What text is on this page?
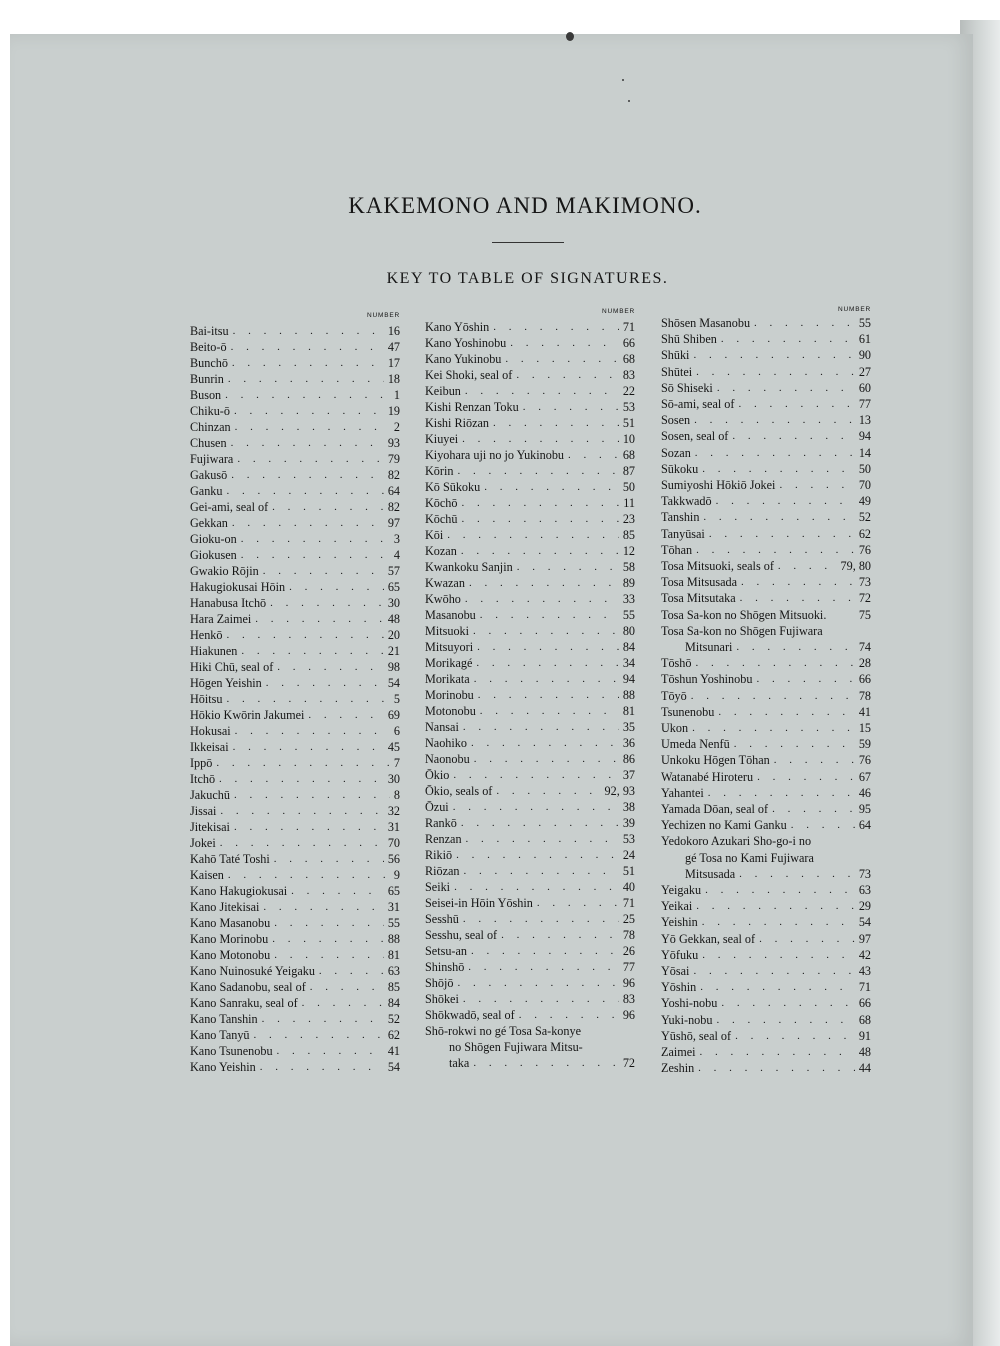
KAKEMONO AND MAKIMONO.
KEY TO TABLE OF SIGNATURES.
NUMBER
Bai-itsu . . .	16
Beito-ō . . .	47
Bunchō . . .	17
Bunrin . . .	18
Buson . . .	1
Chiku-ō . . .	19
Chinzan . . .	2
Chusen . . .	93
Fujiwara . . .	79
Gakusō . . .	82
Ganku . . .	64
Gei-ami, seal of . . .	82
Gekkan . . .	97
Gioku-on . . .	3
Giokusen . . .	4
Gwakio Rōjin . . .	57
Hakugiokusai Hōin . . .	65
Hanabusa Itchō . . .	30
Hara Zaimei . . .	48
Henkō . . .	20
Hiakunen . . .	21
Hiki Chū, seal of . . .	98
Hōgen Yeishin . . .	54
Hōitsu . . .	5
Hōkio Kwōrin Jakumei . . .	69
Hokusai . . .	6
Ikkeisai . . .	45
Ippō . . .	7
Itchō . . .	30
Jakuchū . . .	8
Jissai . . .	32
Jitekisai . . .	31
Jokei . . .	70
Kahō Taté Toshi . . .	56
Kaisen . . .	9
Kano Hakugiokusai . . .	65
Kano Jitekisai . . .	31
Kano Masanobu . . .	55
Kano Morinobu . . .	88
Kano Motonobu . . .	81
Kano Nuinosuké Yeigaku . . .	63
Kano Sadanobu, seal of . . .	85
Kano Sanraku, seal of . . .	84
Kano Tanshin . . .	52
Kano Tanyū . . .	62
Kano Tsunenobu . . .	41
Kano Yeishin . . .	54
NUMBER
Kano Yōshin . . .	71
Kano Yoshinobu . . .	66
Kano Yukinobu . . .	68
Kei Shoki, seal of . . .	83
Keibun . . .	22
Kishi Renzan Toku . . .	53
Kishi Riōzan . . .	51
Kiuyei . . .	10
Kiyohara uji no jo Yukinobu . . .	68
Kōrin . . .	87
Kō Sūkoku . . .	50
Kōchō . . .	11
Kōchū . . .	23
Kōi . . .	85
Kozan . . .	12
Kwankoku Sanjin . . .	58
Kwazan . . .	89
Kwōho . . .	33
Masanobu . . .	55
Mitsuoki . . .	80
Mitsuyori . . .	84
Morikagé . . .	34
Morikata . . .	94
Morinobu . . .	88
Motonobu . . .	81
Nansai . . .	35
Naohiko . . .	36
Naonobu . . .	86
Ōkio . . .	37
Ōkio, seals of . . .	92, 93
Ōzui . . .	38
Rankō . . .	39
Renzan . . .	53
Rikiō . . .	24
Riōzan . . .	51
Seiki . . .	40
Seisei-in Hōin Yōshin . . .	71
Sesshū . . .	25
Sesshu, seal of . . .	78
Setsu-an . . .	26
Shinshō . . .	77
Shōjō . . .	96
Shōkei . . .	83
Shōkwadō, seal of . . .	96
Shō-rokwi no gé Tosa Sa-konye
no Shōgen Fujiwara Mitsu-
taka . . .	72
NUMBER
Shōsen Masanobu . . .	55
Shū Shiben . . .	61
Shūki . . .	90
Shūtei . . .	27
Sō Shiseki . . .	60
Sō-ami, seal of . . .	77
Sosen . . .	13
Sosen, seal of . . .	94
Sozan . . .	14
Sūkoku . . .	50
Sumiyoshi Hōkiō Jokei . . .	70
Takkwadō . . .	49
Tanshin . . .	52
Tanyūsai . . .	62
Tōhan . . .	76
Tosa Mitsuoki, seals of . . .	79, 80
Tosa Mitsusada . . .	73
Tosa Mitsutaka . . .	72
Tosa Sa-kon no Shōgen Mitsuoki.	75
Tosa Sa-kon no Shōgen Fujiwara
Mitsunari . . .	74
Tōshō . . .	28
Tōshun Yoshinobu . . .	66
Tōyō . . .	78
Tsunenobu . . .	41
Ukon . . .	15
Umeda Nenfū . . .	59
Unkoku Hōgen Tōhan . . .	76
Watanabé Hiroteru . . .	67
Yahantei . . .	46
Yamada Dōan, seal of . . .	95
Yechizen no Kami Ganku . . .	64
Yedokoro Azukari Sho-go-i no
gé Tosa no Kami Fujiwara
Mitsusada . . .	73
Yeigaku . . .	63
Yeikai . . .	29
Yeishin . . .	54
Yō Gekkan, seal of . . .	97
Yōfuku . . .	42
Yōsai . . .	43
Yōshin . . .	71
Yoshi-nobu . . .	66
Yuki-nobu . . .	68
Yūshō, seal of . . .	91
Zaimei . . .	48
Zeshin . . .	44
